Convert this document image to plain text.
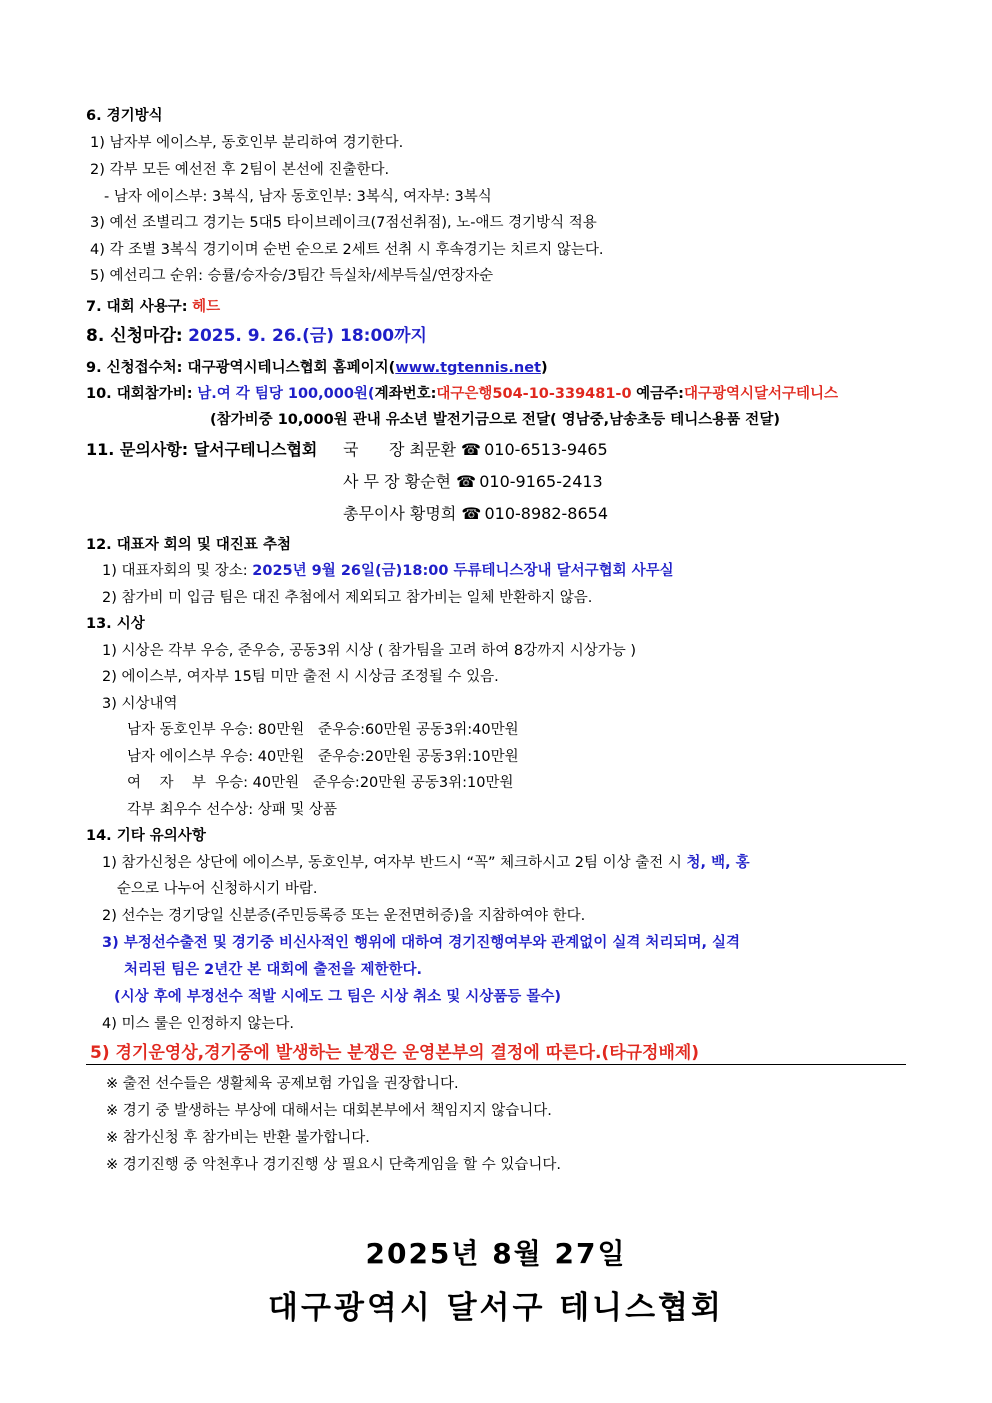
6. 경기방식
1) 남자부 에이스부, 동호인부 분리하여 경기한다.
2) 각부 모든 예선전 후 2팀이 본선에 진출한다.
- 남자 에이스부: 3복식, 남자 동호인부: 3복식, 여자부: 3복식
3) 예선 조별리그 경기는 5대5 타이브레이크(7점선취점), 노-애드 경기방식 적용
4) 각 조별 3복식 경기이며 순번 순으로 2세트 선취 시 후속경기는 치르지 않는다.
5) 예선리그 순위: 승률/승자승/3팀간 득실차/세부득실/연장자순
7. 대회 사용구: 헤드
8. 신청마감: 2025. 9. 26.(금) 18:00까지
9. 신청접수처: 대구광역시테니스협회 홈페이지(www.tgtennis.net)
10. 대회참가비: 남.여 각 팀당 100,000원(계좌번호:대구은행504-10-339481-0 예금주:대구광역시달서구테니스
(참가비중 10,000원 관내 유소년 발전기금으로 전달( 영남중,남송초등 테니스용품 전달)
11. 문의사항: 달서구테니스협회 국      장 최문환 ☎ 010-6513-9465
사 무 장 황순현 ☎ 010-9165-2413
총무이사 황명희 ☎ 010-8982-8654
12. 대표자 회의 및 대진표 추첨
1) 대표자회의 및 장소: 2025년 9월 26일(금)18:00 두류테니스장내 달서구협회 사무실
2) 참가비 미 입금 팀은 대진 추첨에서 제외되고 참가비는 일체 반환하지 않음.
13. 시상
1) 시상은 각부 우승, 준우승, 공동3위 시상 ( 참가팀을 고려 하여 8강까지 시상가능 )
2) 에이스부, 여자부 15팀 미만 출전 시 시상금 조정될 수 있음.
3) 시상내역
남자 동호인부 우승: 80만원   준우승:60만원 공동3위:40만원
남자 에이스부 우승: 40만원   준우승:20만원 공동3위:10만원
여    자    부  우승: 40만원   준우승:20만원 공동3위:10만원
각부 최우수 선수상: 상패 및 상품
14. 기타 유의사항
1) 참가신청은 상단에 에이스부, 동호인부, 여자부 반드시 “꼭” 체크하시고 2팀 이상 출전 시 청, 백, 홍
순으로 나누어 신청하시기 바람.
2) 선수는 경기당일 신분증(주민등록증 또는 운전면허증)을 지참하여야 한다.
3) 부정선수출전 및 경기중 비신사적인 행위에 대하여 경기진행여부와 관계없이 실격 처리되며, 실격
처리된 팀은 2년간 본 대회에 출전을 제한한다.
(시상 후에 부정선수 적발 시에도 그 팀은 시상 취소 및 시상품등 몰수)
4) 미스 룰은 인정하지 않는다.
5) 경기운영상,경기중에 발생하는 분쟁은 운영본부의 결정에 따른다.(타규정배제)
※ 출전 선수들은 생활체육 공제보험 가입을 권장합니다.
※ 경기 중 발생하는 부상에 대해서는 대회본부에서 책임지지 않습니다.
※ 참가신청 후 참가비는 반환 불가합니다.
※ 경기진행 중 악천후나 경기진행 상 필요시 단축게임을 할 수 있습니다.
2025년 8월 27일
대구광역시 달서구 테니스협회
